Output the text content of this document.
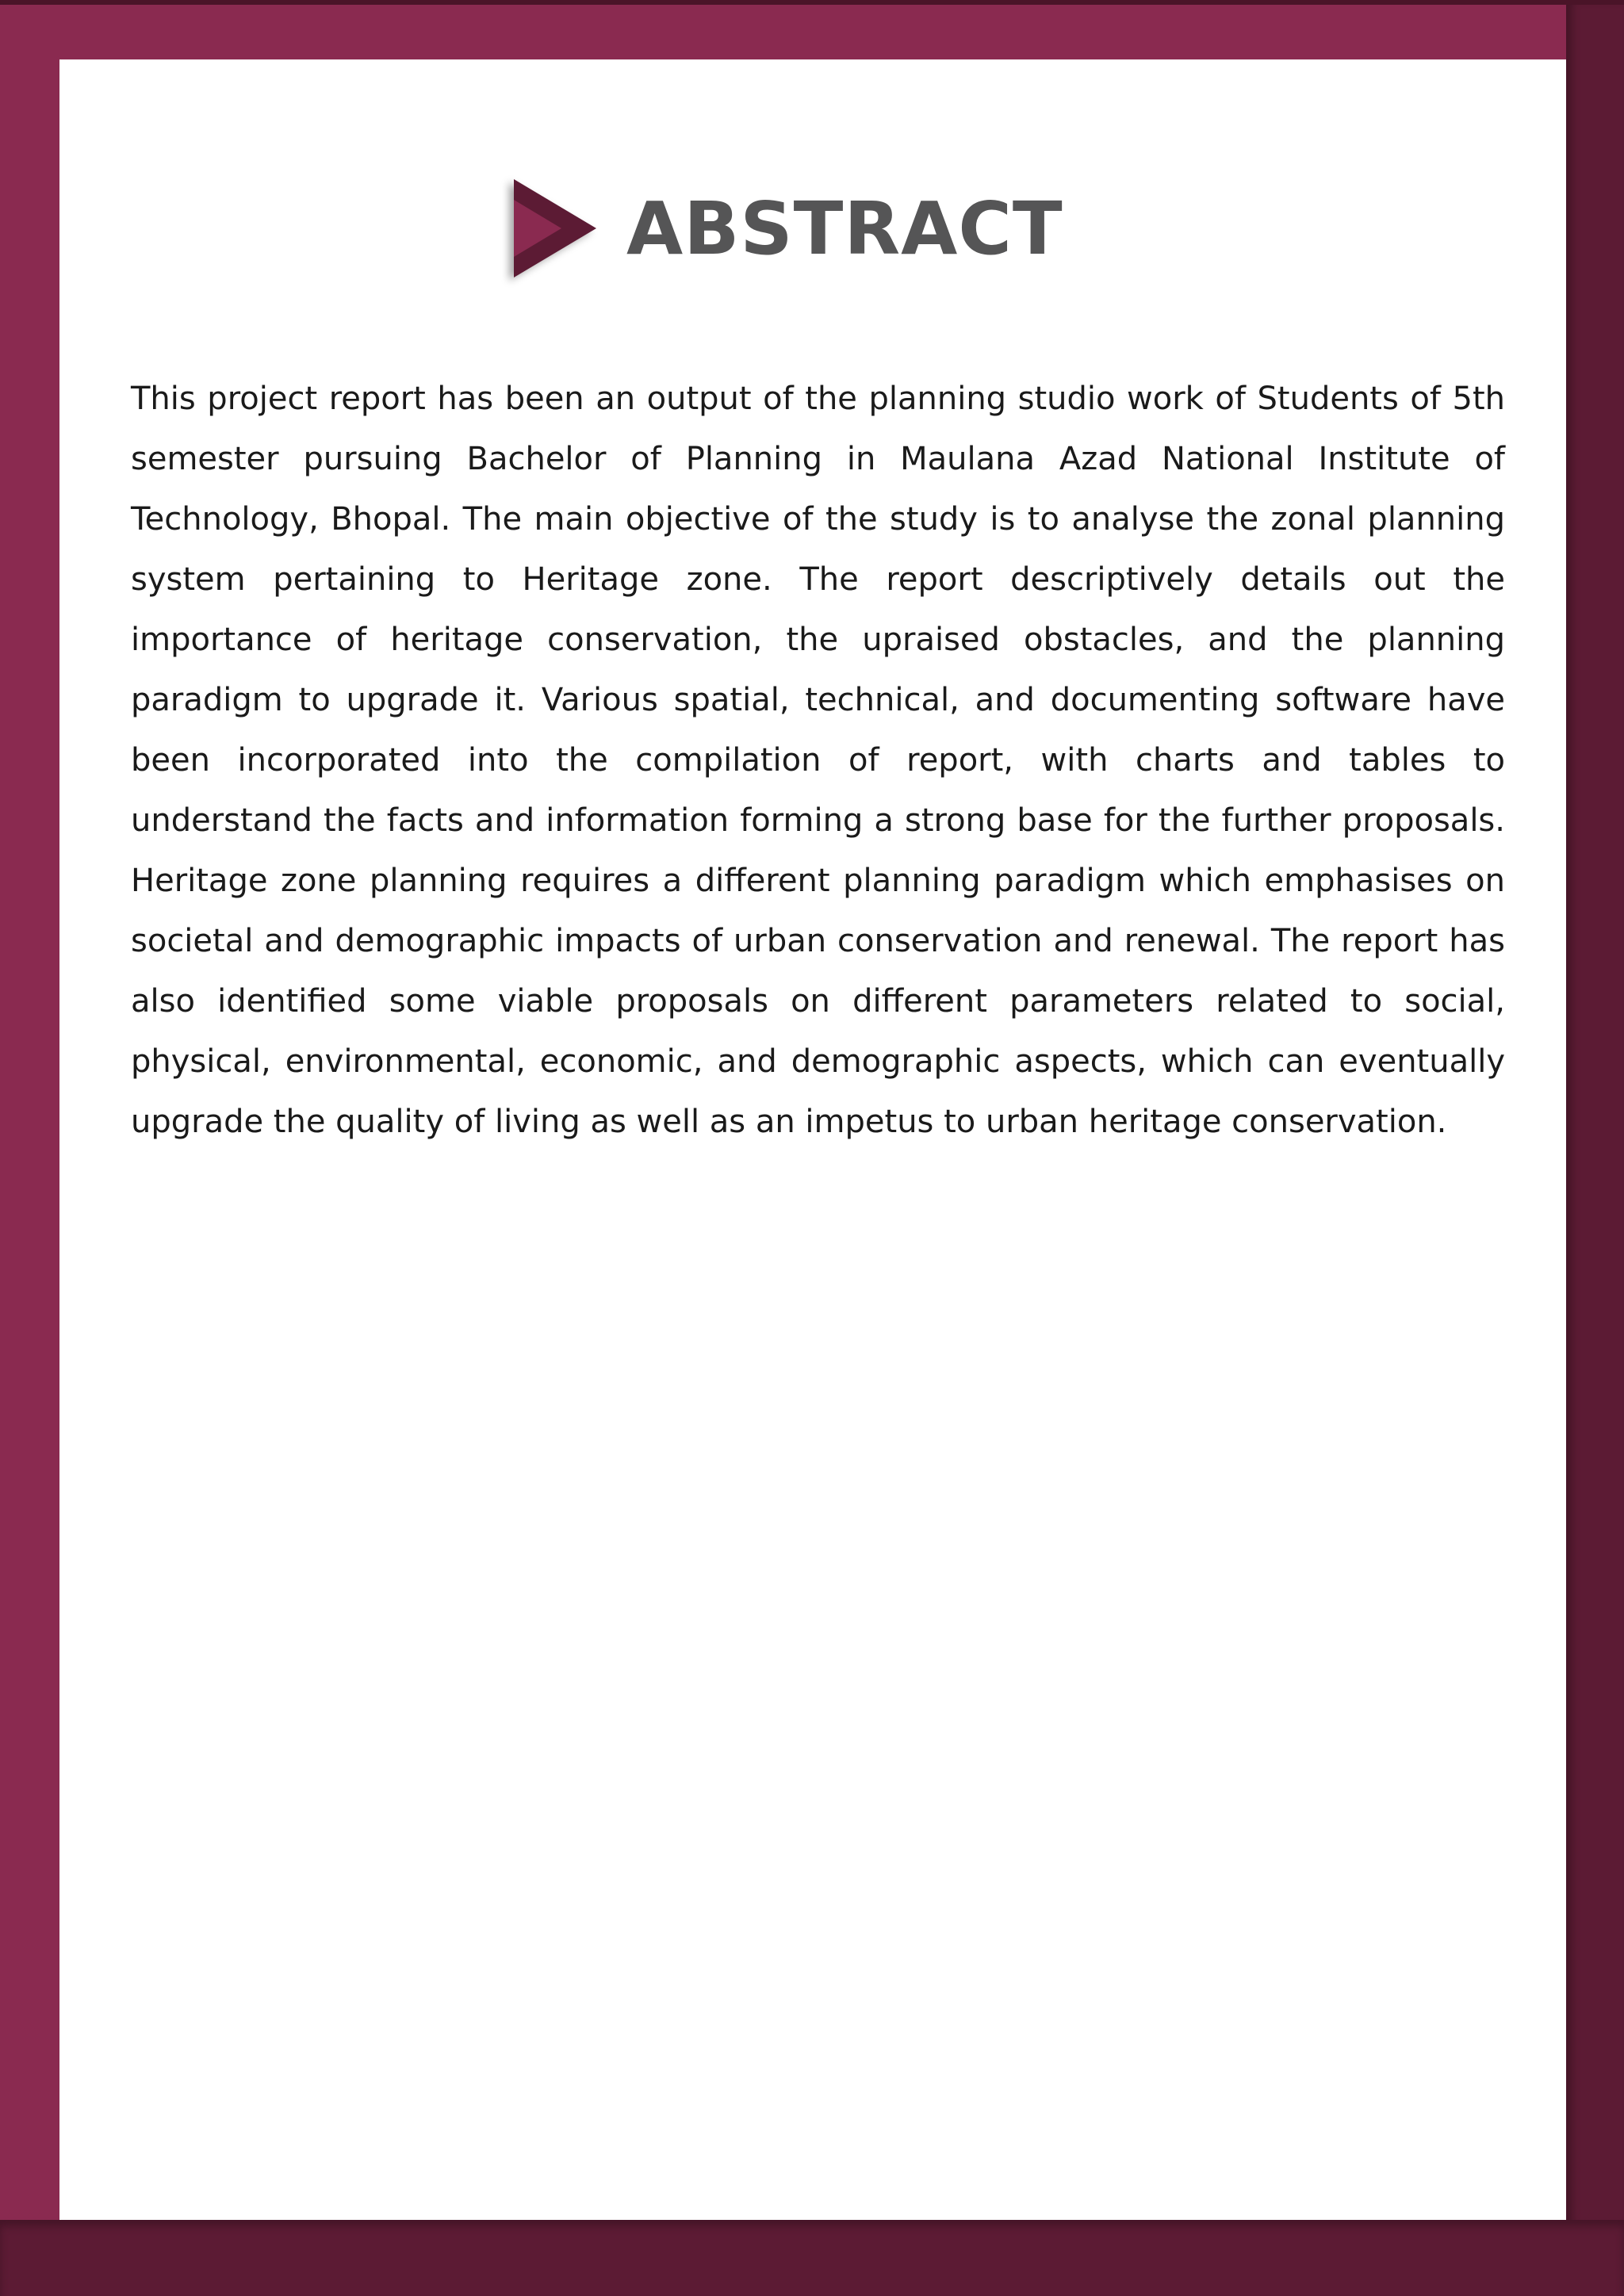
ABSTRACT

This project report has been an output of the planning studio work of Students of 5th semester pursuing Bachelor of Planning in Maulana Azad National Institute of Technology, Bhopal. The main objective of the study is to analyse the zonal planning system pertaining to Heritage zone. The report descriptively details out the importance of heritage conservation, the upraised obstacles, and the planning paradigm to upgrade it. Various spatial, technical, and documenting software have been incorporated into the compilation of report, with charts and tables to understand the facts and information forming a strong base for the further proposals. Heritage zone planning requires a different planning paradigm which emphasises on societal and demographic impacts of urban conservation and renewal. The report has also identified some viable proposals on different parameters related to social, physical, environmental, economic, and demographic aspects, which can eventually upgrade the quality of living as well as an impetus to urban heritage conservation.
